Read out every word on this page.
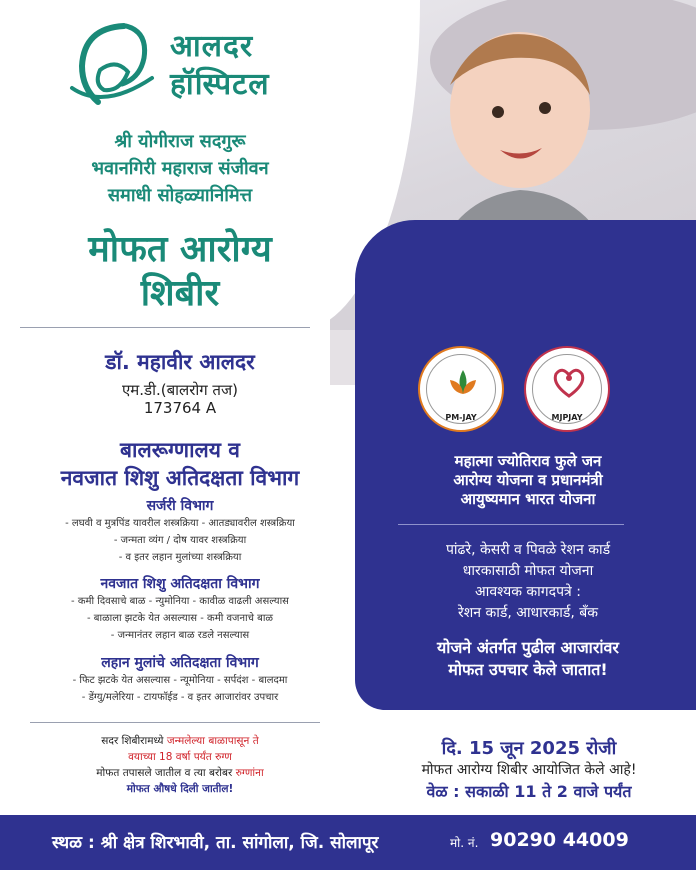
आलदर
हॉस्पिटल
श्री योगीराज सदगुरू
भवानगिरी महाराज संजीवन
समाधी सोहळ्यानिमित्त
मोफत आरोग्य
शिबीर
डॉ. महावीर आलदर
एम.डी.(बालरोग तज)
173764 A
बालरूग्णालय व
नवजात शिशु अतिदक्षता विभाग
सर्जरी विभाग
- लघवी व मुत्रपिंड यावरील शस्त्रक्रिया - आतड्यावरील शस्त्रक्रिया
- जन्मता व्यंग / दोष यावर शस्त्रक्रिया
- व इतर लहान मुलांच्या शस्त्रक्रिया
नवजात शिशु अतिदक्षता विभाग
- कमी दिवसाचे बाळ - न्युमोनिया - कावीळ वाढली असल्यास
- बाळाला झटके येत असल्यास - कमी वजनाचे बाळ
- जन्मानंतर लहान बाळ रडले नसल्यास
लहान मुलांचे अतिदक्षता विभाग
- फिट झटके येत असल्यास - न्यूमोनिया - सर्पदंश - बालदमा
- डेंग्यु/मलेरिया - टायफॉईड - व इतर आजारांवर उपचार
सदर शिबीरामध्ये जन्मलेल्या बाळापासून ते
वयाच्या 18 वर्षा पर्यंत रुग्ण
मोफत तपासले जातील व त्या बरोबर रुग्णांना
मोफत औषधे दिली जातील!
PM-JAY	MJPJAY
महात्मा ज्योतिराव फुले जन
आरोग्य योजना व प्रधानमंत्री
आयुष्यमान भारत योजना
पांढरे, केसरी व पिवळे रेशन कार्ड
धारकासाठी मोफत योजना
आवश्यक कागदपत्रे :
रेशन कार्ड, आधारकार्ड, बँक
योजने अंतर्गत पुढील आजारांवर
मोफत उपचार केले जातात!
दि. 15 जून 2025 रोजी
मोफत आरोग्य शिबीर आयोजित केले आहे!
वेळ : सकाळी 11 ते 2 वाजे पर्यंत
स्थळ : श्री क्षेत्र शिरभावी, ता. सांगोला, जि. सोलापूर	मो. नं. 90290 44009
